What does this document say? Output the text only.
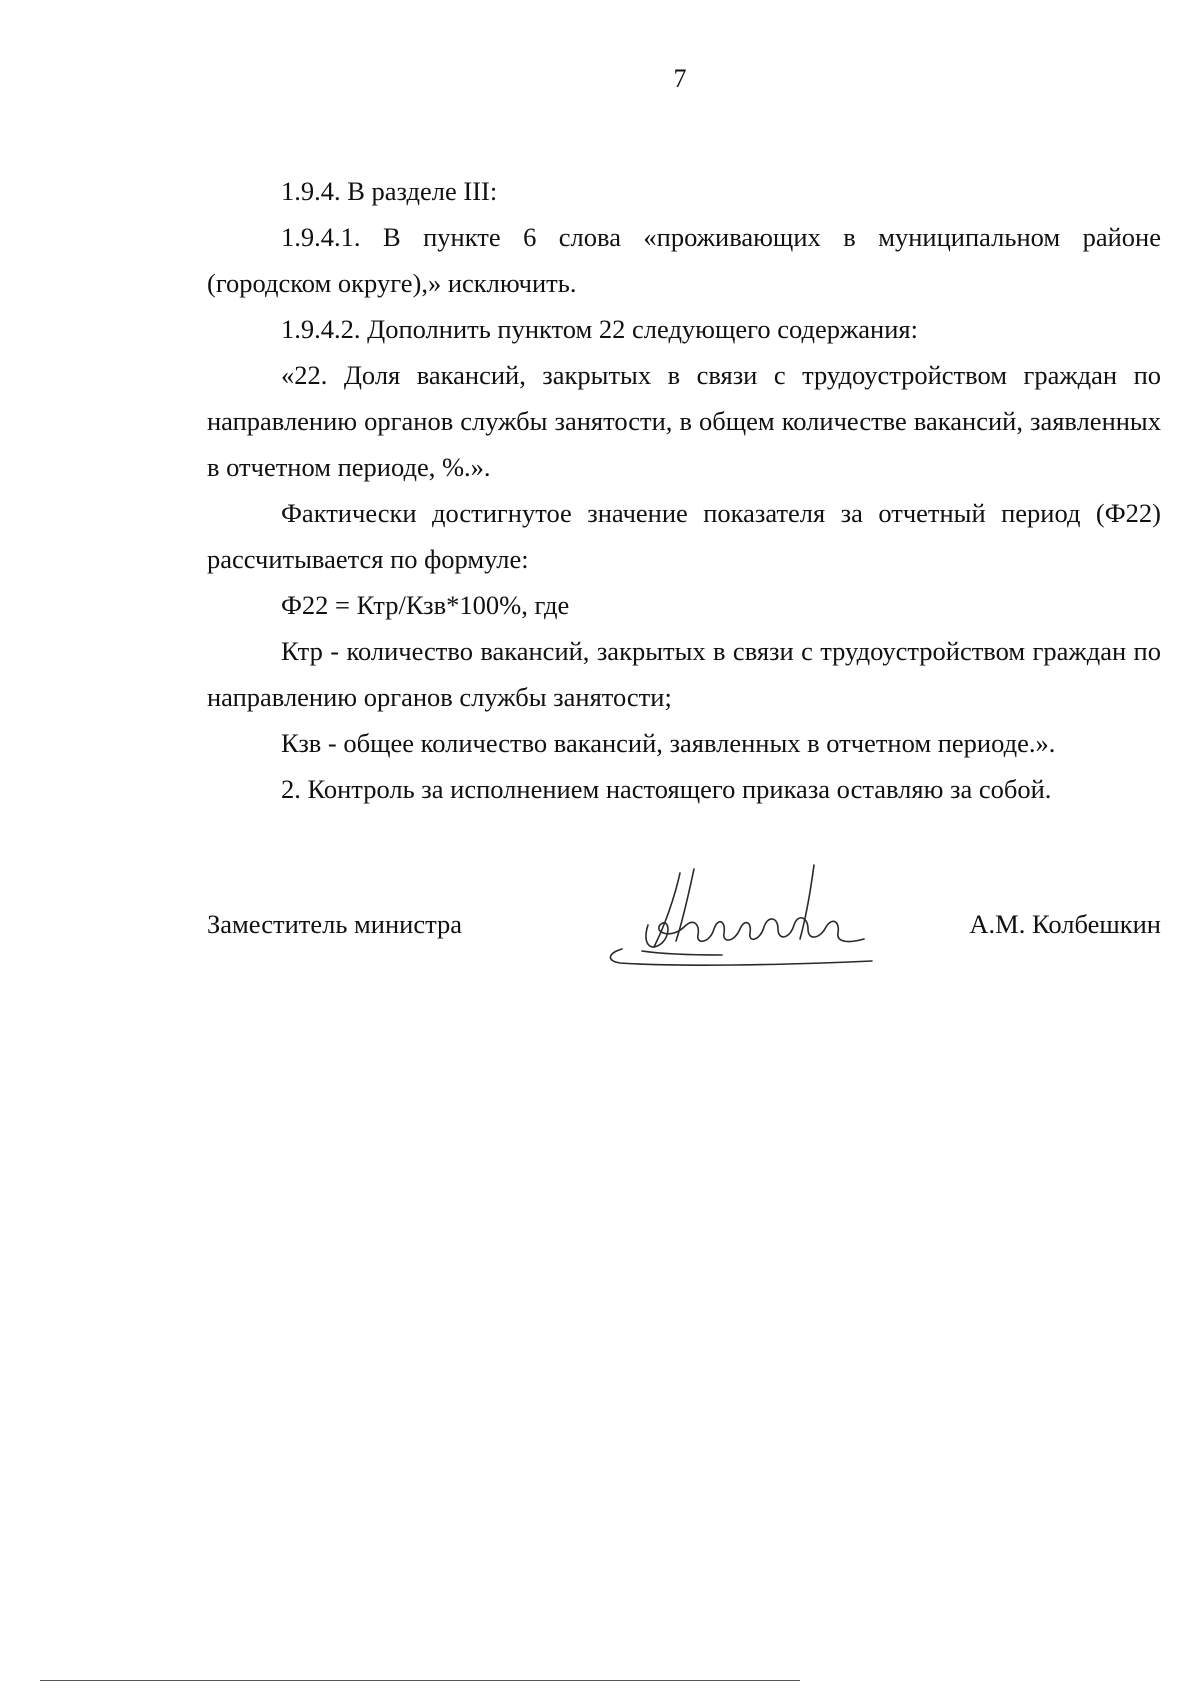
7

1.9.4. В разделе III:

1.9.4.1. В пункте 6 слова «проживающих в муниципальном районе (городском округе),» исключить.

1.9.4.2. Дополнить пунктом 22 следующего содержания:

«22. Доля вакансий, закрытых в связи с трудоустройством граждан по направлению органов службы занятости, в общем количестве вакансий, заявленных в отчетном периоде, %.».

Фактически достигнутое значение показателя за отчетный период (Ф22) рассчитывается по формуле:

Ф22 = Ктр/Кзв*100%, где

Ктр - количество вакансий, закрытых в связи с трудоустройством граждан по направлению органов службы занятости;

Кзв - общее количество вакансий, заявленных в отчетном периоде.».

2. Контроль за исполнением настоящего приказа оставляю за собой.

Заместитель министра	А.М. Колбешкин
